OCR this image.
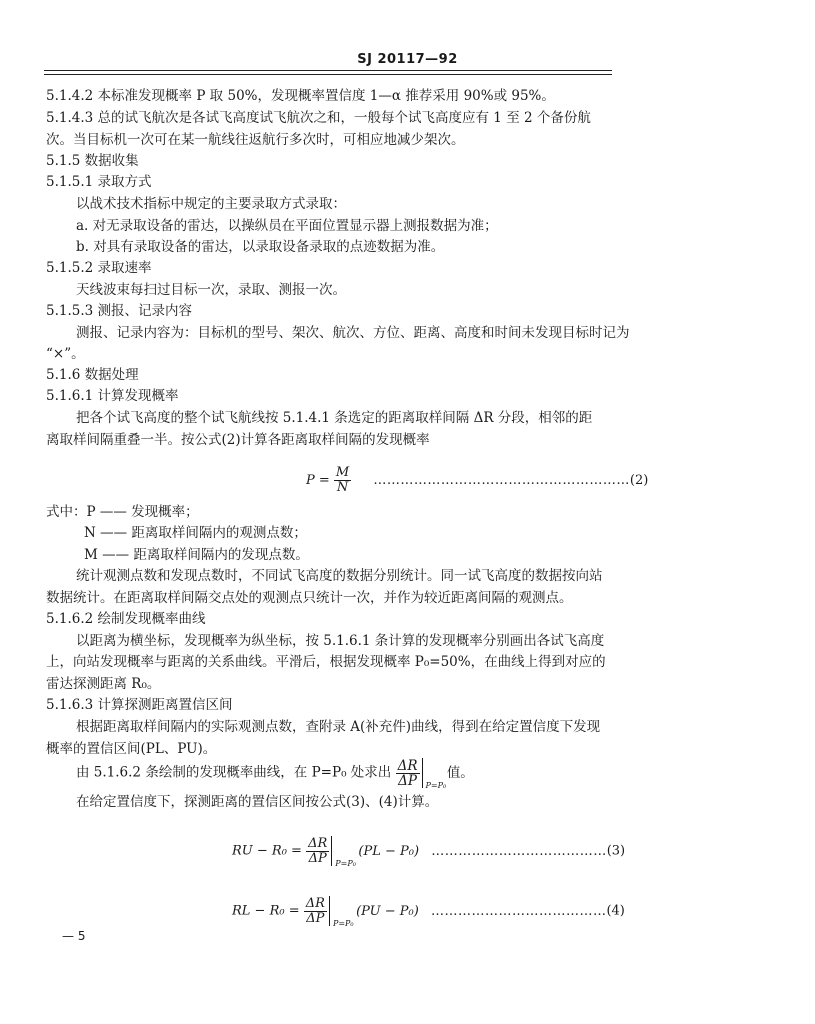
SJ 20117—92
5.1.4.2 本标准发现概率 P 取 50%，发现概率置信度 1—α 推荐采用 90%或 95%。
5.1.4.3 总的试飞航次是各试飞高度试飞航次之和，一般每个试飞高度应有 1 至 2 个备份航
次。当目标机一次可在某一航线往返航行多次时，可相应地减少架次。
5.1.5 数据收集
5.1.5.1 录取方式
以战术技术指标中规定的主要录取方式录取：
a. 对无录取设备的雷达，以操纵员在平面位置显示器上测报数据为准；
b. 对具有录取设备的雷达，以录取设备录取的点迹数据为准。
5.1.5.2 录取速率
天线波束每扫过目标一次，录取、测报一次。
5.1.5.3 测报、记录内容
测报、记录内容为：目标机的型号、架次、航次、方位、距离、高度和时间未发现目标时记为
“×”。
5.1.6 数据处理
5.1.6.1 计算发现概率
把各个试飞高度的整个试飞航线按 5.1.4.1 条选定的距离取样间隔 ΔR 分段，相邻的距
离取样间隔重叠一半。按公式(2)计算各距离取样间隔的发现概率
$P = \frac{M}{N}$ …………………………………………………(2)
式中：P —— 发现概率；
N —— 距离取样间隔内的观测点数；
M —— 距离取样间隔内的发现点数。
统计观测点数和发现点数时，不同试飞高度的数据分别统计。同一试飞高度的数据按向站
数据统计。在距离取样间隔交点处的观测点只统计一次，并作为较近距离间隔的观测点。
5.1.6.2 绘制发现概率曲线
以距离为横坐标，发现概率为纵坐标，按 5.1.6.1 条计算的发现概率分别画出各试飞高度
上，向站发现概率与距离的关系曲线。平滑后，根据发现概率 P₀=50%，在曲线上得到对应的
雷达探测距离 R₀。
5.1.6.3 计算探测距离置信区间
根据距离取样间隔内的实际观测点数，查附录 A(补充件)曲线，得到在给定置信度下发现
概率的置信区间(PL、PU)。
由 5.1.6.2 条绘制的发现概率曲线，在 P=P₀ 处求出 $\frac{\Delta R}{\Delta P} P=P_0$
值。
在给定置信度下，探测距离的置信区间按公式(3)、(4)计算。
RU − $R_0 = \frac{\Delta R}{\Delta P} P=P_0$
(PL − P₀) …………………………………(3)
RL − $R_0 = \frac{\Delta R}{\Delta P} P=P_0$
(PU − P₀) …………………………………(4)
— 5
